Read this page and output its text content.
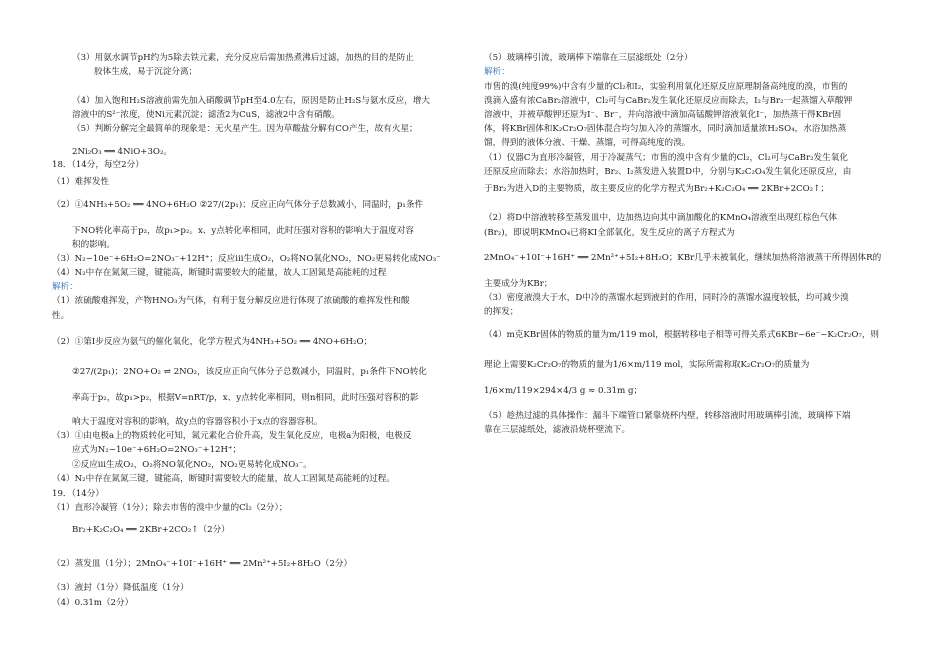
（3）用氨水调节pH约为5除去铁元素，充分反应后需加热煮沸后过滤，加热的目的是防止
胶体生成，易于沉淀分离；
（4）加入饱和H₂S溶液前需先加入硝酸调节pH至4.0左右，原因是防止H₂S与氨水反应，增大
溶液中的S²⁻浓度，使Ni元素沉淀；滤渣2为CuS，滤液2中含有硝酸。
（5）判断分解完全最简单的现象是：无火星产生。因为草酸盐分解有CO产生，故有火星；
2Ni₂O₃ ══ 4NiO+3O₂。
18．（14分，每空2分）
（1）难挥发性
（2）①4NH₃+5O₂ ══ 4NO+6H₂O ②27/(2p₁)；反应正向气体分子总数减小，同温时，p₁条件
下NO转化率高于p₂，故p₁>p₂。x、y点转化率相同，此时压强对容积的影响大于温度对容
积的影响。
（3）N₂−10e⁻+6H₂O=2NO₃⁻+12H⁺；反应iii生成O₂，O₂将NO氧化NO₂，NO₂更易转化成NO₃⁻
（4）N₂中存在氮氮三键，键能高，断键时需要较大的能量，故人工固氮是高能耗的过程
解析：
（1）浓硫酸难挥发，产物HNO₃为气体，有利于复分解反应进行体现了浓硫酸的难挥发性和酸
性。
（2）①第I步反应为氨气的催化氧化，化学方程式为4NH₃+5O₂ ══ 4NO+6H₂O；
②27/(2p₁)；2NO+O₂ ⇌ 2NO₂，该反应正向气体分子总数减小，同温时，p₁条件下NO转化
率高于p₂，故p₁>p₂，根据V=nRT/p，x、y点转化率相同，则n相同，此时压强对容积的影
响大于温度对容积的影响，故y点的容器容积小于x点的容器容积。
（3）①由电极a上的物质转化可知，氮元素化合价升高，发生氧化反应，电极a为阳极，电极反
应式为N₂−10e⁻+6H₂O=2NO₃⁻+12H⁺；
②反应iii生成O₂，O₂将NO氧化NO₂，NO₂更易转化成NO₃⁻。
（4）N₂中存在氮氮三键，键能高，断键时需要较大的能量，故人工固氮是高能耗的过程。
19．（14分）
（1）直形冷凝管（1分）；除去市售的溴中少量的Cl₂（2分）；
Br₂+K₂C₂O₄ ══ 2KBr+2CO₂↑（2分）
（2）蒸发皿（1分）；2MnO₄⁻+10I⁻+16H⁺ ══ 2Mn²⁺+5I₂+8H₂O（2分）
（3）液封（1分）降低温度（1分）
（4）0.31m（2分）
（5）玻璃棒引流，玻璃棒下端靠在三层滤纸处（2分）
解析：
市售的溴(纯度99%)中含有少量的Cl₂和I₂，实验利用氧化还原反应原理制备高纯度的溴，市售的
溴滴入盛有浓CaBr₂溶液中，Cl₂可与CaBr₂发生氧化还原反应而除去，I₂与Br₂一起蒸馏入草酸钾
溶液中，并被草酸钾还原为I⁻、Br⁻，并向溶液中滴加高锰酸钾溶液氧化I⁻，加热蒸干得KBr固
体，将KBr固体和K₂Cr₂O₇固体混合均匀加入冷的蒸馏水，同时滴加适量浓H₂SO₄，水浴加热蒸
馏，得到的液体分液、干燥、蒸馏，可得高纯度的溴。
（1）仪器C为直形冷凝管，用于冷凝蒸气；市售的溴中含有少量的Cl₂，Cl₂可与CaBr₂发生氧化
还原反应而除去；水浴加热时，Br₂、I₂蒸发进入装置D中，分别与K₂C₂O₄发生氧化还原反应，由
于Br₂为进入D的主要物质，故主要反应的化学方程式为Br₂+K₂C₂O₄ ══ 2KBr+2CO₂↑；
（2）将D中溶液转移至蒸发皿中，边加热边向其中滴加酸化的KMnO₄溶液至出现红棕色气体
(Br₂)，即说明KMnO₄已将KI全部氧化，发生反应的离子方程式为
2MnO₄⁻+10I⁻+16H⁺ ══ 2Mn²⁺+5I₂+8H₂O；KBr几乎未被氧化，继续加热将溶液蒸干所得固体R的
主要成分为KBr；
（3）密度液溴大于水，D中冷的蒸馏水起到液封的作用，同时冷的蒸馏水温度较低，均可减少溴
的挥发；
（4）m克KBr固体的物质的量为m/119 mol，根据转移电子相等可得关系式6KBr~6e⁻~K₂Cr₂O₇，则
理论上需要K₂Cr₂O₇的物质的量为1/6×m/119 mol，实际所需称取K₂Cr₂O₇的质量为
1/6×m/119×294×4/3 g ≈ 0.31m g；
（5）趁热过滤的具体操作：漏斗下端管口紧靠烧杯内壁，转移溶液时用玻璃棒引流，玻璃棒下端
靠在三层滤纸处，滤液沿烧杯壁流下。
